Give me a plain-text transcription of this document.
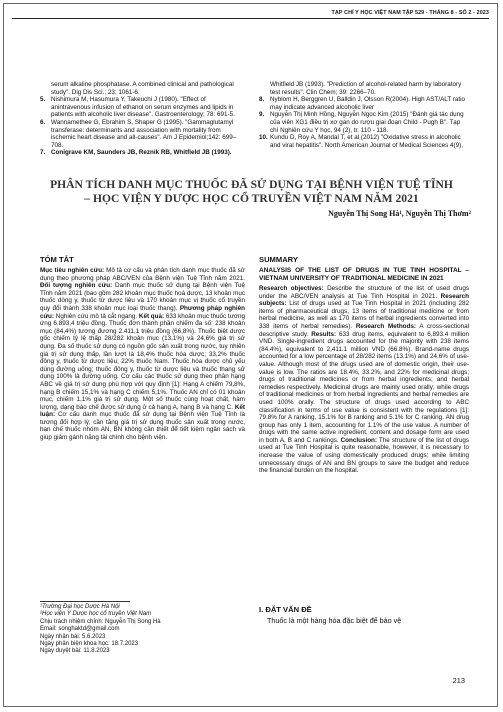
TẠP CHÍ Y HỌC VIỆT NAM TẬP 529 - THÁNG 8 - SỐ 2 - 2023
serum alkaline phosphatase. A combined clinical and pathological study". Dig Dis Sci.; 23: 1061-6.
5. Nishimura M, Hasumura Y, Takeuchi J (1980). "Effect of anintravenous infusion of ethanol on serum enzymes and lipids in patients with alcoholic liver disease". Gastroenterology; 78: 691-5.
6. Wannamethee G, Ebrahim S, Shaper G (1995). "Gammaglutamyl transferase: determinants and association with mortality from ischemic heart disease and all-causes". Am J Epidemiol;142: 699–708.
7. Conigrave KM, Saunders JB, Reznik RB, Whitfield JB (1993).
Whitfield JB (1993). "Prediction of alcohol-related harm by laboratory test results". Clin Chem; 39: 2266–70.
8. Nyblom H, Berggren U, Balldin J, Olsson R(2004). High AST/ALT ratio may indicate advanced alcoholic liver
9. Nguyễn Thị Minh Hồng, Nguyễn Ngọc Kim (2015) "Đánh giá tác dụng của viên XG1 điều trị xơ gan do rượu giai đoạn Child - Pugh B". Tạp chí Nghiên cứu Y học, 94 (2), tr. 110 - 118.
10. Kundu D, Roy A, Mandal T, et al (2012) "Oxidative stress in alcoholic and viral hepatitis". North American Journal of Medical Sciences 4(9),
PHÂN TÍCH DANH MỤC THUỐC ĐÃ SỬ DỤNG TẠI BỆNH VIỆN TUỆ TĨNH
– HỌC VIỆN Y DƯỢC HỌC CỔ TRUYỀN VIỆT NAM NĂM 2021
Nguyễn Thị Song Hà¹, Nguyễn Thị Thơm²
TÓM TẮT	SUMMARY
Mục tiêu nghiên cứu: Mô tả cơ cấu và phân tích danh mục thuốc đã sử dụng theo phương pháp ABC/VEN của Bệnh viện Tuệ Tĩnh năm 2021. Đối tượng nghiên cứu: Danh mục thuốc sử dụng tại Bệnh viện Tuệ Tĩnh năm 2021 (bao gồm 282 khoản mục thuốc hoá dược, 13 khoản mục thuốc dòng y, thuốc từ dược liệu và 170 khoản mục vị thuốc cổ truyền quy đổi thành 338 khoản mục loại thuốc thang). Phương pháp nghiên cứu: Nghiên cứu mô tả cắt ngang. Kết quả: 633 khoản mục thuốc tương ứng 6.893,4 triệu đồng. Thuốc đơn thành phần chiếm đa số: 238 khoản mục (84,4%) tương đương 2.411,1 triệu đồng (66,8%). Thuốc biệt dược gốc chiếm tỷ lệ thấp 28/282 khoản mục (13,1%) và 24,6% giá trị sử dụng. Đa số thuốc sử dụng có nguồn gốc sản xuất trong nước, tuy nhiên giá trị sử dụng thấp, lần lượt là 18,4% thuốc hóa dược; 33,2% thuốc đông y, thuốc từ dược liệu; 22% thuốc Nam. Thuốc hóa dược chủ yếu dùng đường uống; thuốc đông y, thuốc từ dược liệu và thuốc thang sử dụng 100% là đường uống. Cơ cấu các thuốc sử dụng theo phân hạng ABC về giá trị sử dụng phù hợp với quy định [1]: Hạng A chiếm 79,8%, hạng B chiếm 15,1% và hạng C chiếm 5,1%. Thuốc AN chỉ có 01 khoản mục, chiếm 1,1% giá trị sử dụng. Một số thuốc cùng hoạt chất, hàm lượng, dạng bào chế được sử dụng ở cả hạng A, hạng B và hạng C. Kết luận: Cơ cấu danh mục thuốc đã sử dụng tại Bệnh viện Tuệ Tĩnh là tương đối hợp lý; cần tăng giá trị sử dụng thuốc sản xuất trong nước, hạn chế thuốc nhóm AN, BN không cần thiết để tiết kiệm ngân sách và giúp giảm gánh nặng tài chính cho bệnh viện.
ANALYSIS OF THE LIST OF DRUGS IN TUE TINH HOSPITAL – VIETNAM UNIVERSITY OF TRADITIONAL MEDICINE IN 2021
Research objectives: Describe the structure of the list of used drugs under the ABC/VEN analysis at Tue Tinh Hospital in 2021. Research subjects: List of drugs used at Tue Tinh Hospital in 2021 (including 282 items of pharmaceutical drugs, 13 items of traditional medicine or from herbal medicine, as well as 170 items of herbal ingredients converted into 338 items of herbal remedies). Research Methods: A cross-sectional descriptive study. Results: 633 drug items, equivalent to 6,893.4 million VND. Single-ingredient drugs accounted for the majority with 238 items (84.4%), equivalent to 2,411.1 million VND (66.8%). Brand-name drugs accounted for a low percentage of 28/282 items (13.1%) and 24.6% of use-value. Although most of the drugs used are of domestic origin, their use-value is low. The ratios are 18.4%, 33.2%, and 22% for medicinal drugs; drugs of traditional medicines or from herbal ingredients; and herbal remedies respectively. Medicinal drugs are mainly used orally; while drugs of traditional medicines or from herbal ingredients and herbal remedies are used 100% orally. The structure of drugs used according to ABC classification in terms of use value is consistent with the regulations [1]: 79.8% for A ranking, 15.1% for B ranking and 5.1% for C ranking. AN drug group has only 1 item, accounting for 1.1% of the use value. A number of drugs with the same active ingredient, content and dosage form are used in both A, B and C rankings. Conclusion: The structure of the list of drugs used at Tue Tinh Hospital is quite reasonable, however, it is necessary to increase the value of using domestically produced drugs; while limiting unnecessary drugs of AN and BN groups to save the budget and reduce the financial burden on the hospital.
¹Trường Đại học Dược Hà Nội
²Học viện Y Dược học cổ truyền Việt Nam
Chịu trách nhiệm chính: Nguyễn Thị Song Hà
Email: songhaktd@gmail.com
Ngày nhận bài: 5.6.2023
Ngày phản biện khoa học: 18.7.2023
Ngày duyệt bài: 11.8.2023
I. ĐẶT VẤN ĐỀ
Thuốc là một hàng hóa đặc biệt để bảo vệ
213
